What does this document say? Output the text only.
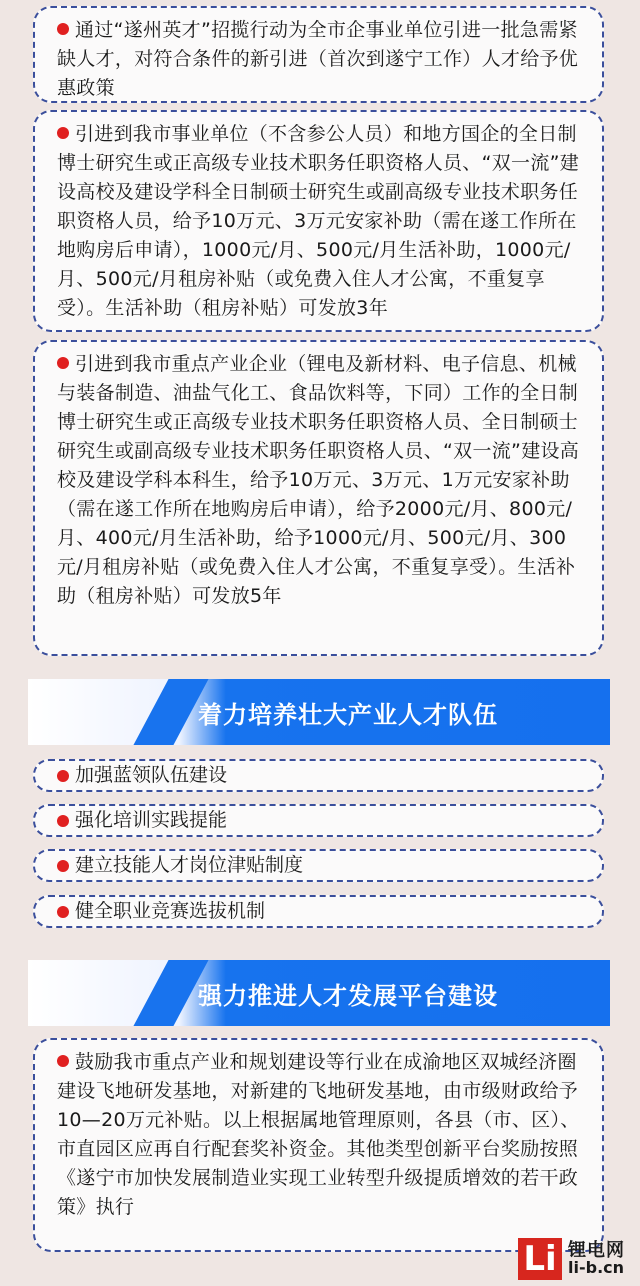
通过“遂州英才”招揽行动为全市企事业单位引进一批急需紧缺人才，对符合条件的新引进（首次到遂宁工作）人才给予优惠政策
引进到我市事业单位（不含参公人员）和地方国企的全日制博士研究生或正高级专业技术职务任职资格人员、“双一流”建设高校及建设学科全日制硕士研究生或副高级专业技术职务任职资格人员，给予10万元、3万元安家补助（需在遂工作所在地购房后申请），1000元/月、500元/月生活补助，1000元/月、500元/月租房补贴（或免费入住人才公寓，不重复享受）。生活补助（租房补贴）可发放3年
引进到我市重点产业企业（锂电及新材料、电子信息、机械与装备制造、油盐气化工、食品饮料等，下同）工作的全日制博士研究生或正高级专业技术职务任职资格人员、全日制硕士研究生或副高级专业技术职务任职资格人员、“双一流”建设高校及建设学科本科生，给予10万元、3万元、1万元安家补助（需在遂工作所在地购房后申请），给予2000元/月、800元/月、400元/月生活补助，给予1000元/月、500元/月、300元/月租房补贴（或免费入住人才公寓，不重复享受）。生活补助（租房补贴）可发放5年
着力培养壮大产业人才队伍
加强蓝领队伍建设
强化培训实践提能
建立技能人才岗位津贴制度
健全职业竞赛选拔机制
强力推进人才发展平台建设
鼓励我市重点产业和规划建设等行业在成渝地区双城经济圈建设飞地研发基地，对新建的飞地研发基地，由市级财政给予10—20万元补贴。以上根据属地管理原则，各县（市、区）、市直园区应再自行配套奖补资金。其他类型创新平台奖励按照《遂宁市加快发展制造业实现工业转型升级提质增效的若干政策》执行
Li 锂电网
li-b.cn
